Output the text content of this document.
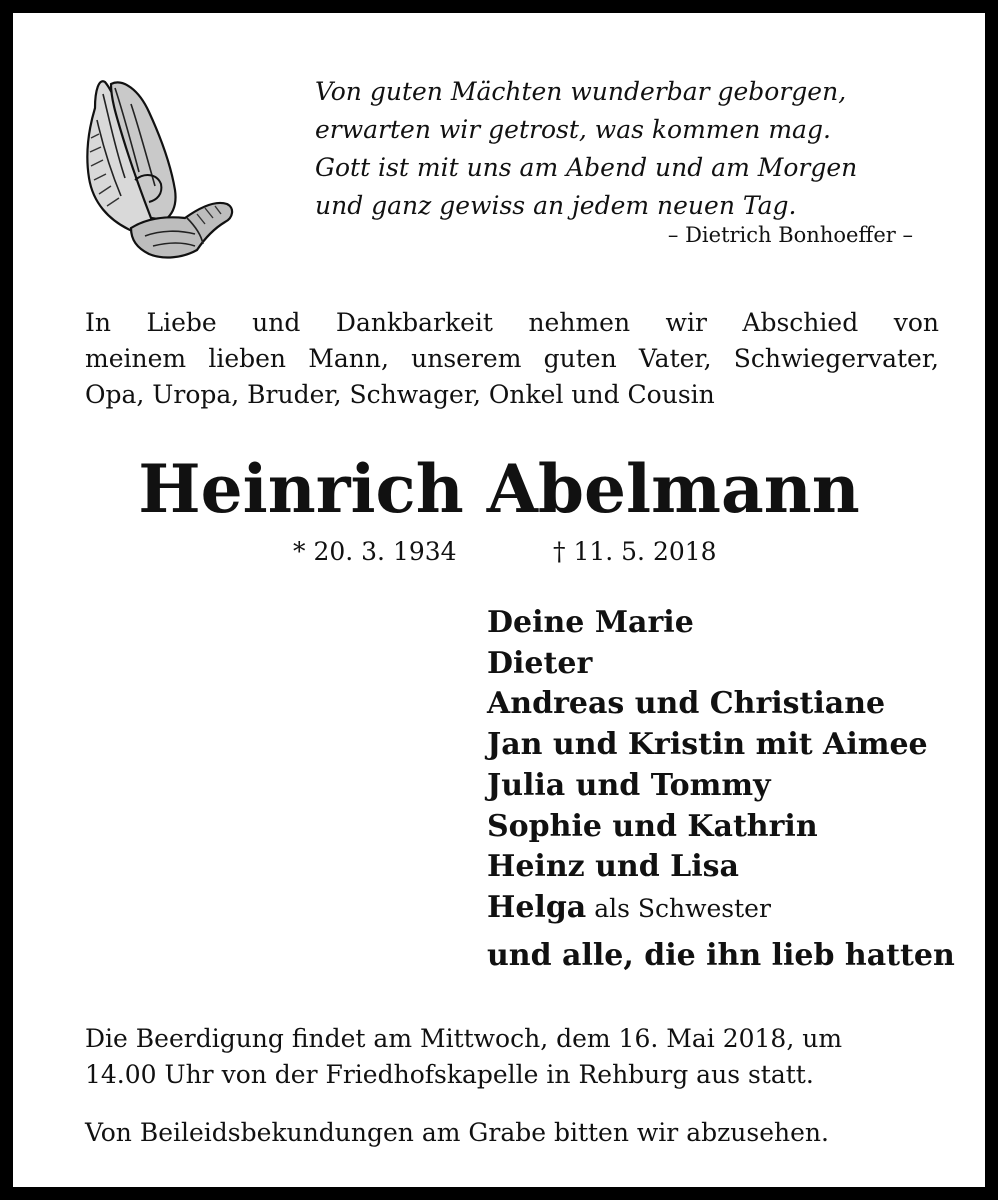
Von guten Mächten wunderbar geborgen,
erwarten wir getrost, was kommen mag.
Gott ist mit uns am Abend und am Morgen
und ganz gewiss an jedem neuen Tag.
– Dietrich Bonhoeffer –
In Liebe und Dankbarkeit nehmen wir Abschied von
meinem lieben Mann, unserem guten Vater, Schwiegervater,
Opa, Uropa, Bruder, Schwager, Onkel und Cousin
Heinrich Abelmann
* 20. 3. 1934	† 11. 5. 2018
Deine Marie
Dieter
Andreas und Christiane
Jan und Kristin mit Aimee
Julia und Tommy
Sophie und Kathrin
Heinz und Lisa
Helga als Schwester
und alle, die ihn lieb hatten
Die Beerdigung findet am Mittwoch, dem 16. Mai 2018, um
14.00 Uhr von der Friedhofskapelle in Rehburg aus statt.
Von Beileidsbekundungen am Grabe bitten wir abzusehen.
